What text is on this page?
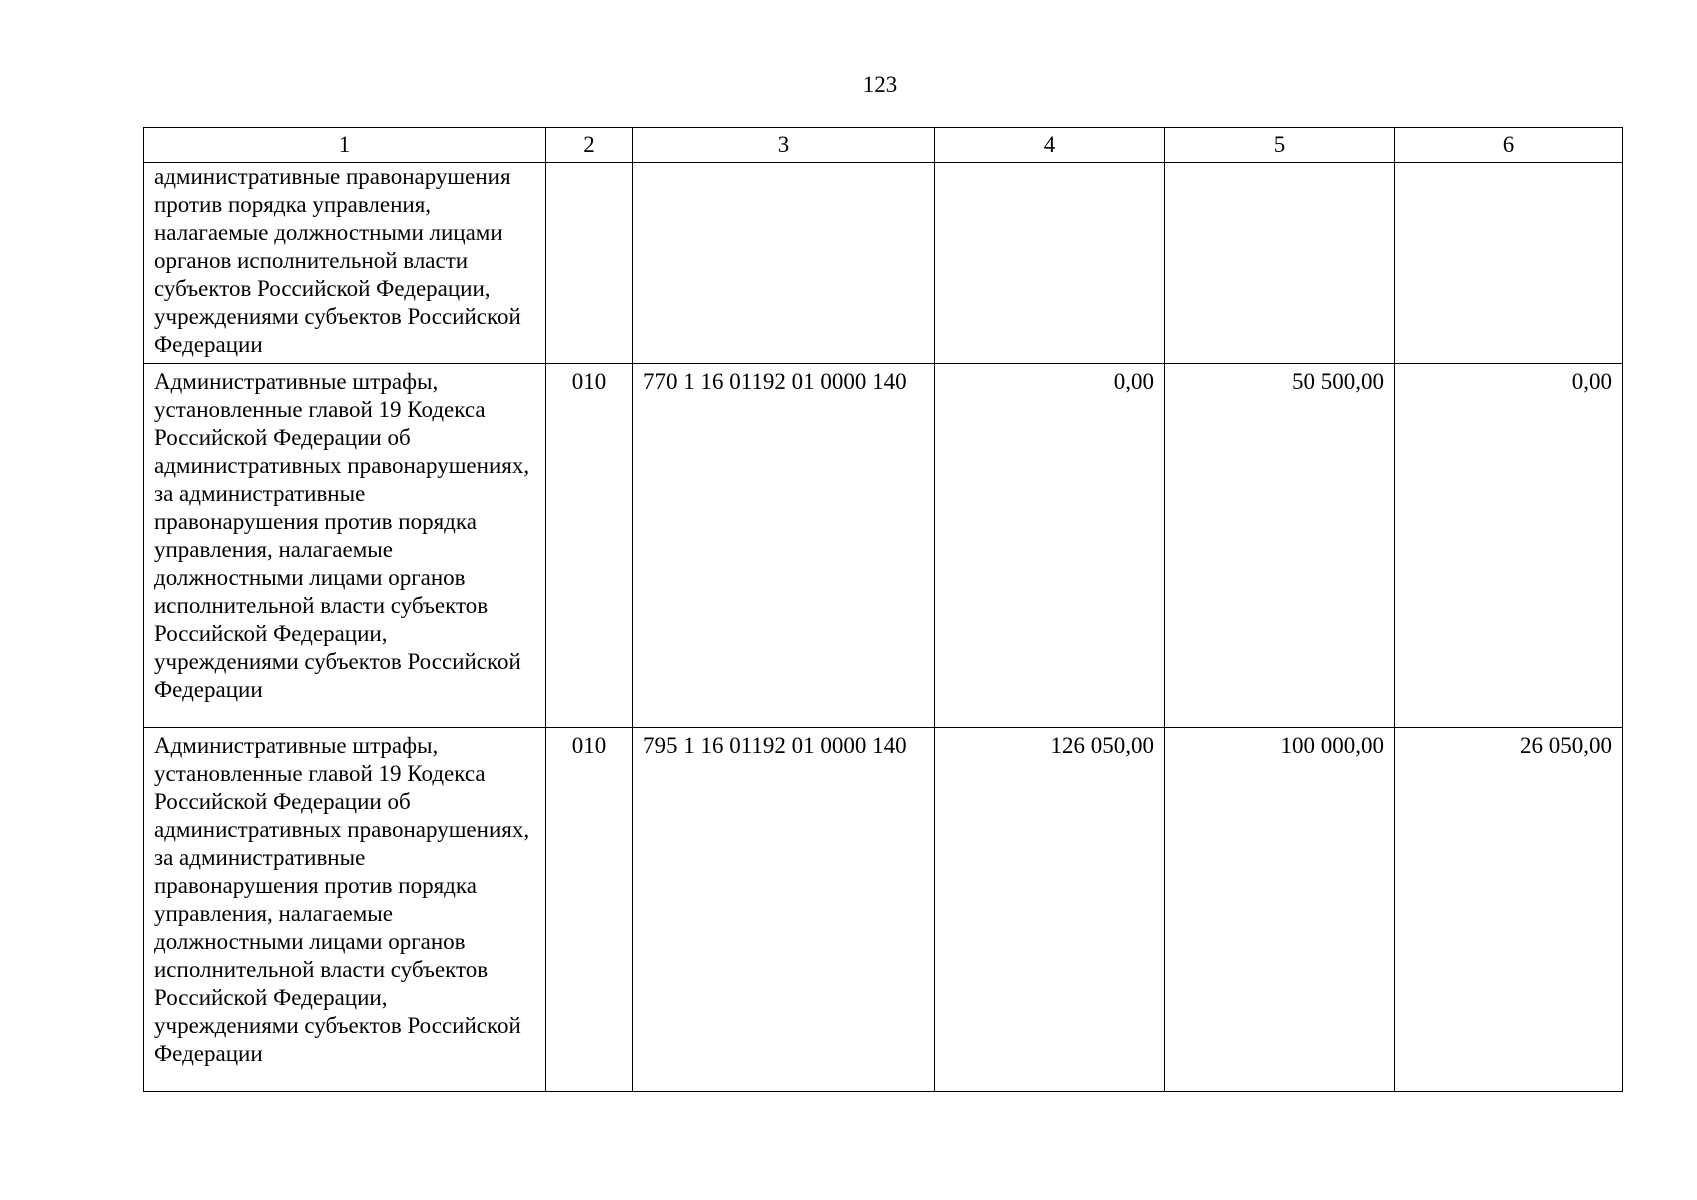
123
1	2	3	4	5	6
административные правонарушения против порядка управления, налагаемые должностными лицами органов исполнительной власти субъектов Российской Федерации, учреждениями субъектов Российской Федерации					
Административные штрафы, установленные главой 19 Кодекса Российской Федерации об административных правонарушениях, за административные правонарушения против порядка управления, налагаемые должностными лицами органов исполнительной власти субъектов Российской Федерации, учреждениями субъектов Российской Федерации	010	770 1 16 01192 01 0000 140	0,00	50 500,00	0,00
Административные штрафы, установленные главой 19 Кодекса Российской Федерации об административных правонарушениях, за административные правонарушения против порядка управления, налагаемые должностными лицами органов исполнительной власти субъектов Российской Федерации, учреждениями субъектов Российской Федерации	010	795 1 16 01192 01 0000 140	126 050,00	100 000,00	26 050,00
